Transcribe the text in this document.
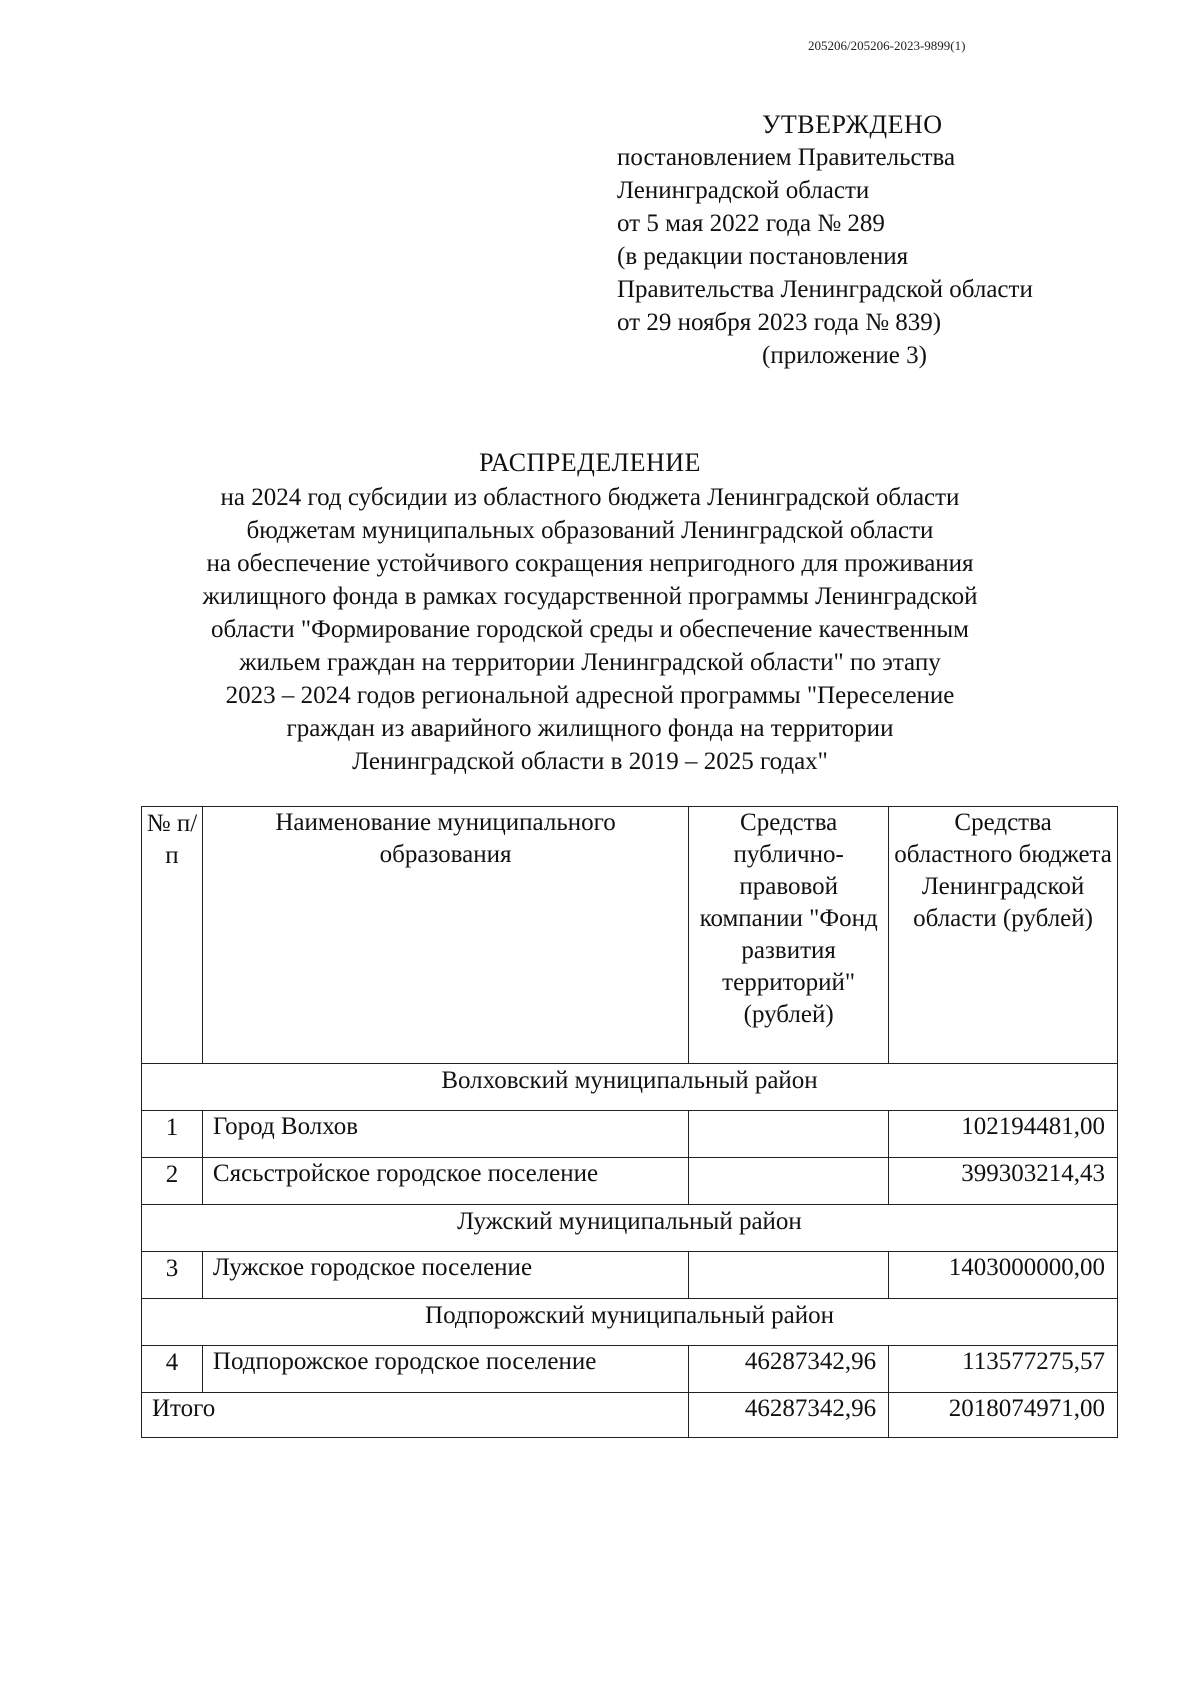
205206/205206-2023-9899(1)
УТВЕРЖДЕНО
постановлением Правительства
Ленинградской области
от 5 мая 2022 года № 289
(в редакции постановления
Правительства Ленинградской области
от 29 ноября 2023 года № 839)
(приложение 3)
РАСПРЕДЕЛЕНИЕ
на 2024 год субсидии из областного бюджета Ленинградской области
бюджетам муниципальных образований Ленинградской области
на обеспечение устойчивого сокращения непригодного для проживания
жилищного фонда в рамках государственной программы Ленинградской
области "Формирование городской среды и обеспечение качественным
жильем граждан на территории Ленинградской области" по этапу
2023 – 2024 годов региональной адресной программы "Переселение
граждан из аварийного жилищного фонда на территории
Ленинградской области в 2019 – 2025 годах"
№ п/п	Наименование муниципального образования	Средства публично-правовой компании "Фонд развития территорий" (рублей)	Средства областного бюджета Ленинградской области (рублей)
Волховский муниципальный район			
1	Город Волхов		102194481,00
2	Сясьстройское городское поселение		399303214,43
Лужский муниципальный район			
3	Лужское городское поселение		1403000000,00
Подпорожский муниципальный район			
4	Подпорожское городское поселение	46287342,96	113577275,57
Итого		46287342,96	2018074971,00
